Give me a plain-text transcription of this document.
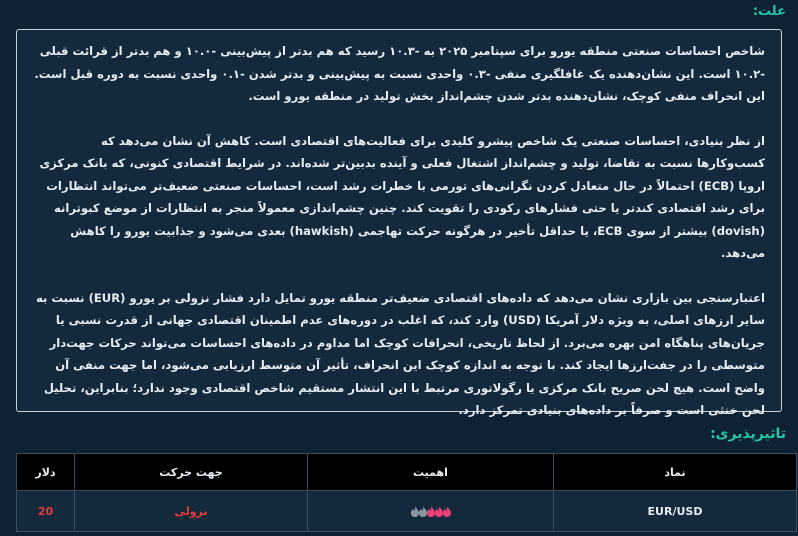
علت:

شاخص احساسات صنعتی منطقه یورو برای سپتامبر ۲۰۲۵ به -۱۰.۳ رسید که هم بدتر از پیش‌بینی -۱۰.۰ و هم بدتر از قرائت قبلی -۱۰.۲ است. این نشان‌دهنده یک غافلگیری منفی -۰.۳ واحدی نسبت به پیش‌بینی و بدتر شدن -۰.۱ واحدی نسبت به دوره قبل است. این انحراف منفی کوچک، نشان‌دهنده بدتر شدن چشم‌انداز بخش تولید در منطقه یورو است.

از نظر بنیادی، احساسات صنعتی یک شاخص پیشرو کلیدی برای فعالیت‌های اقتصادی است. کاهش آن نشان می‌دهد که کسب‌وکارها نسبت به تقاضا، تولید و چشم‌انداز اشتغال فعلی و آینده بدبین‌تر شده‌اند. در شرایط اقتصادی کنونی، که بانک مرکزی اروپا (ECB) احتمالاً در حال متعادل کردن نگرانی‌های تورمی با خطرات رشد است، احساسات صنعتی ضعیف‌تر می‌تواند انتظارات برای رشد اقتصادی کندتر یا حتی فشارهای رکودی را تقویت کند. چنین چشم‌اندازی معمولاً منجر به انتظارات از موضع کبوترانه (dovish) بیشتر از سوی ECB، یا حداقل تأخیر در هرگونه حرکت تهاجمی (hawkish) بعدی می‌شود و جذابیت یورو را کاهش می‌دهد.

اعتبارسنجی بین بازاری نشان می‌دهد که داده‌های اقتصادی ضعیف‌تر منطقه یورو تمایل دارد فشار نزولی بر یورو (EUR) نسبت به سایر ارزهای اصلی، به ویژه دلار آمریکا (USD) وارد کند، که اغلب در دوره‌های عدم اطمینان اقتصادی جهانی از قدرت نسبی یا جریان‌های پناهگاه امن بهره می‌برد. از لحاظ تاریخی، انحرافات کوچک اما مداوم در داده‌های احساسات می‌تواند حرکات جهت‌دار متوسطی را در جفت‌ارزها ایجاد کند. با توجه به اندازه کوچک این انحراف، تأثیر آن متوسط ارزیابی می‌شود، اما جهت منفی آن واضح است. هیچ لحن صریح بانک مرکزی یا رگولاتوری مرتبط با این انتشار مستقیم شاخص اقتصادی وجود ندارد؛ بنابراین، تحلیل لحن خنثی است و صرفاً بر داده‌های بنیادی تمرکز دارد.

تاثیرپذیری:
نماد	اهمیت	جهت حرکت	دلار
EUR/USD		نزولی	20
